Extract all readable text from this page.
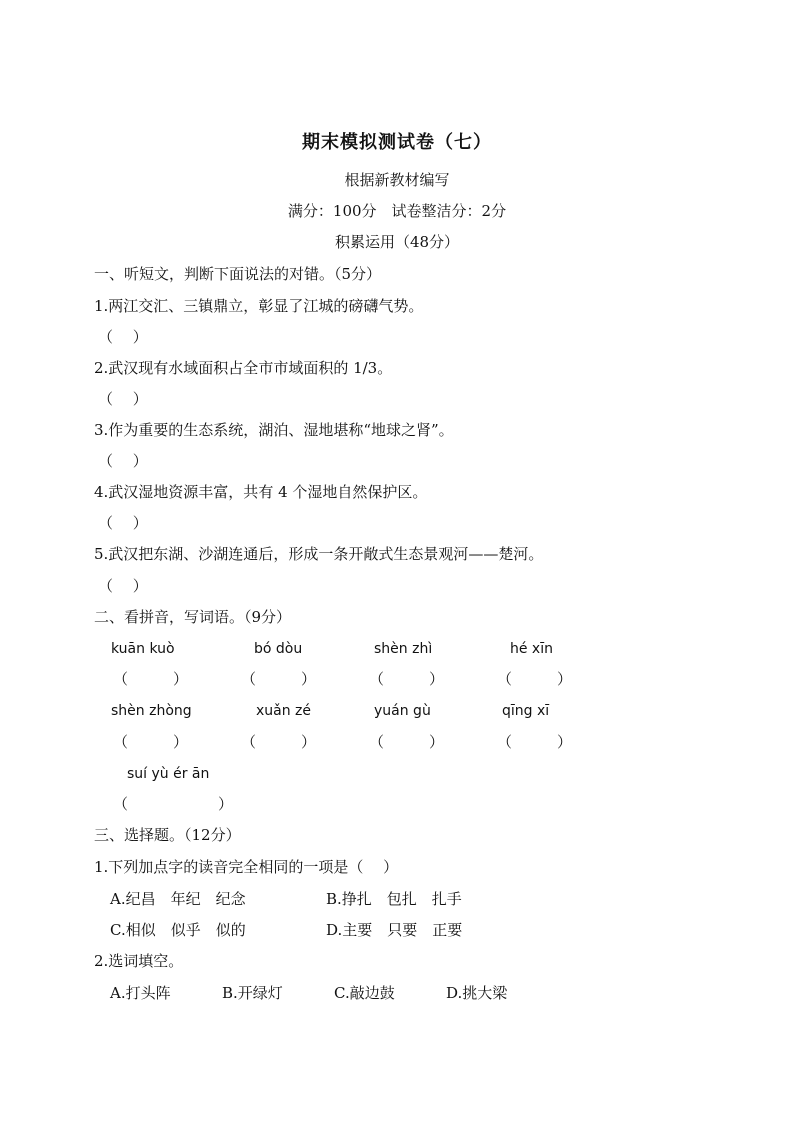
期末模拟测试卷（七）
根据新教材编写
满分：100分　试卷整洁分：2分
积累运用（48分）
一、听短文，判断下面说法的对错。（5分）
1.两江交汇、三镇鼎立，彰显了江城的磅礴气势。
（　 ）
2.武汉现有水域面积占全市市域面积的 1/3。
（　 ）
3.作为重要的生态系统，湖泊、湿地堪称“地球之肾”。
（　 ）
4.武汉湿地资源丰富，共有 4 个湿地自然保护区。
（　 ）
5.武汉把东湖、沙湖连通后，形成一条开敞式生态景观河——楚河。
（　 ）
二、看拼音，写词语。（9分）
kuān kuò	bó dòu	shèn zhì	hé xīn
（　　　）	（　　　）	（　　　）	（　　　）
shèn zhòng	xuǎn zé	yuán gù	qīng xī
（　　　）	（　　　）	（　　　）	（　　　）
suí yù ér ān
（　　　　　　）
三、选择题。（12分）
1.下列加点字的读音完全相同的一项是（　 ）
A.纪昌　年纪　纪念	B.挣扎　包扎　扎手
C.相似　似乎　似的	D.主要　只要　正要
2.选词填空。
A.打头阵	B.开绿灯	C.敲边鼓	D.挑大梁
